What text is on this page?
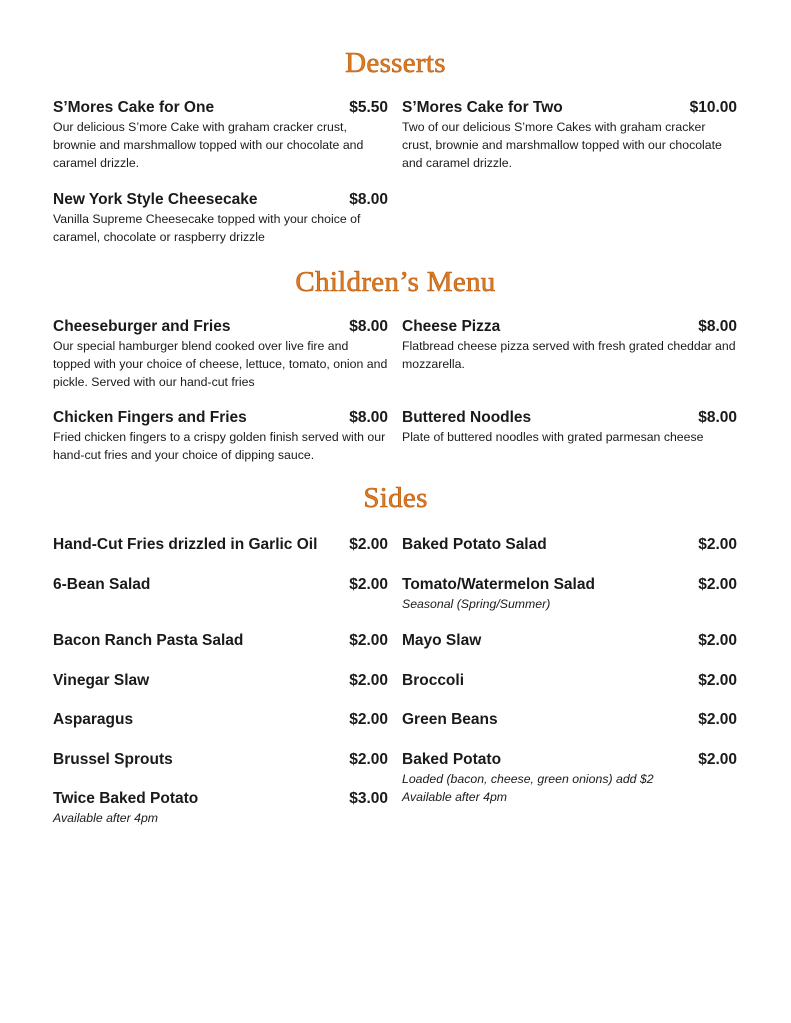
Desserts
S’Mores Cake for One	$5.50
Our delicious S’more Cake with graham cracker crust, brownie and marshmallow topped with our chocolate and caramel drizzle.
S’Mores Cake for Two	$10.00
Two of our delicious S’more Cakes with graham cracker crust, brownie and marshmallow topped with our chocolate and caramel drizzle.
New York Style Cheesecake	$8.00
Vanilla Supreme Cheesecake topped with your choice of caramel, chocolate or raspberry drizzle
Children’s Menu
Cheeseburger and Fries	$8.00
Our special hamburger blend cooked over live fire and topped with your choice of cheese, lettuce, tomato, onion and pickle. Served with our hand-cut fries
Cheese Pizza	$8.00
Flatbread cheese pizza served with fresh grated cheddar and mozzarella.
Chicken Fingers and Fries	$8.00
Fried chicken fingers to a crispy golden finish served with our hand-cut fries and your choice of dipping sauce.
Buttered Noodles	$8.00
Plate of buttered noodles with grated parmesan cheese
Sides
Hand-Cut Fries drizzled in Garlic Oil $2.00 Baked Potato Salad	$2.00
6-Bean Salad	$2.00 Tomato/Watermelon Salad	$2.00
Seasonal (Spring/Summer)
Bacon Ranch Pasta Salad	$2.00 Mayo Slaw	$2.00
Vinegar Slaw	$2.00 Broccoli	$2.00
Asparagus	$2.00 Green Beans	$2.00
Brussel Sprouts	$2.00 Baked Potato	$2.00
Loaded (bacon, cheese, green onions) add $2
Available after 4pm
Twice Baked Potato	$3.00
Available after 4pm
